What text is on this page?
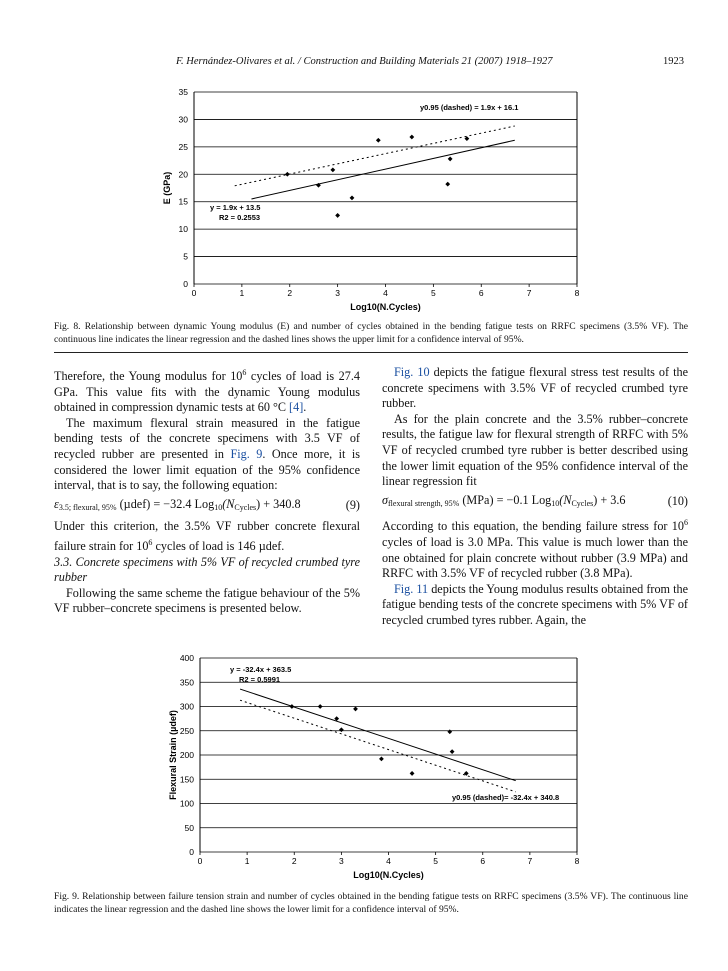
F. Hernández-Olivares et al. / Construction and Building Materials 21 (2007) 1918–1927	1923
0
5
10
15
20
25
30
35
0	1	2	3	4	5	6	7	8
Log10(N.Cycles)
E (GPa)
y = 1.9x + 13.5
R2 = 0.2553
y0.95 (dashed) = 1.9x + 16.1
Fig. 8. Relationship between dynamic Young modulus (E) and number of cycles obtained in the bending fatigue tests on RRFC specimens (3.5% VF). The continuous line indicates the linear regression and the dashed lines shows the upper limit for a confidence interval of 95%.

Therefore, the Young modulus for $10^6$ cycles of load is 27.4 GPa. This value fits with the dynamic Young modulus obtained in compression dynamic tests at 60 °C [4].

The maximum flexural strain measured in the fatigue bending tests of the concrete specimens with 3.5 VF of recycled rubber are presented in Fig. 9. Once more, it is considered the lower limit equation of the 95% confidence interval, that is to say, the following equation:

$\varepsilon_{3.5; flexural, 95\%}$ (µdef) = −32.4 $Log_{10}(N_{Cycles}) + 340.8$	(9)

Under this criterion, the 3.5% VF rubber concrete flexural failure strain for $10^6$ cycles of load is 146 µdef.

3.3. Concrete specimens with 5% VF of recycled crumbed tyre rubber

Following the same scheme the fatigue behaviour of the 5% VF rubber–concrete specimens is presented below.

Fig. 10 depicts the fatigue flexural stress test results of the concrete specimens with 3.5% VF of recycled crumbed tyre rubber.

As for the plain concrete and the 3.5% rubber–concrete results, the fatigue law for flexural strength of RRFC with 5% VF of recycled crumbed tyre rubber is better described using the lower limit equation of the 95% confidence interval of the linear regression fit

$\sigma_{flexural strength, 95\%}$ (MPa) = −0.1 $Log_{10}(N_{Cycles}) + 3.6$	(10)

According to this equation, the bending failure stress for $10^6$ cycles of load is 3.0 MPa. This value is much lower than the one obtained for plain concrete without rubber (3.9 MPa) and RRFC with 3.5% VF of recycled rubber (3.8 MPa).

Fig. 11 depicts the Young modulus results obtained from the fatigue bending tests of the concrete specimens with 5% VF of recycled crumbed tyres rubber. Again, the

0
50
100
150
200
250
300
350
400
0	1	2	3	4	5	6	7	8
Log10(N.Cycles)
Flexural Strain (µdef)
y = -32.4x + 363.5
R2 = 0.5991
y0.95 (dashed)= -32.4x + 340.8
Fig. 9. Relationship between failure tension strain and number of cycles obtained in the bending fatigue tests on RRFC specimens (3.5% VF). The continuous line indicates the linear regression and the dashed line shows the lower limit for a confidence interval of 95%.
